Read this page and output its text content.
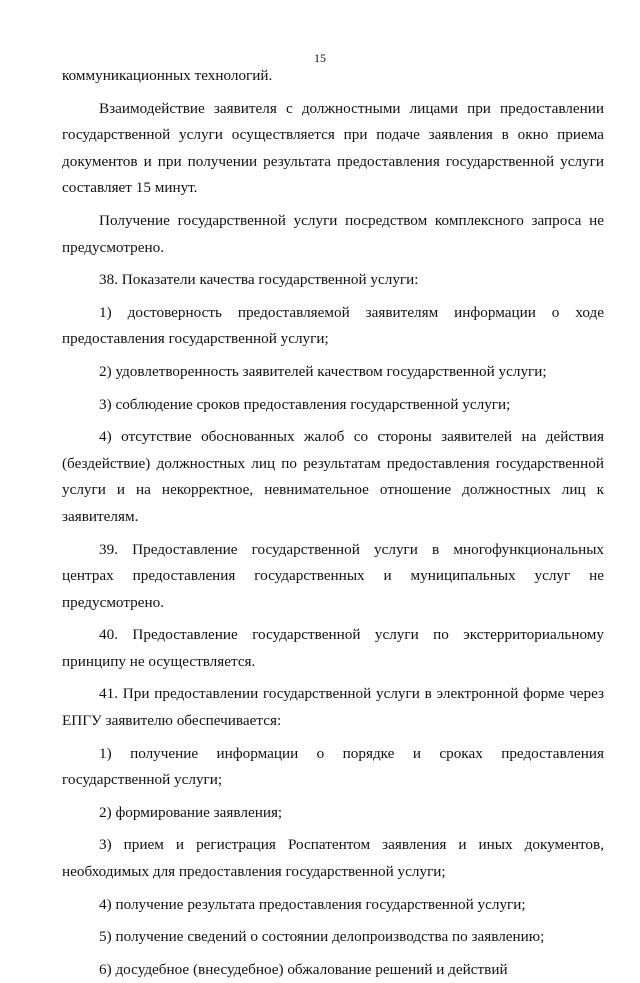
15

коммуникационных технологий.

Взаимодействие заявителя с должностными лицами при предоставлении государственной услуги осуществляется при подаче заявления в окно приема документов и при получении результата предоставления государственной услуги составляет 15 минут.

Получение государственной услуги посредством комплексного запроса не предусмотрено.

38. Показатели качества государственной услуги:

1) достоверность предоставляемой заявителям информации о ходе предоставления государственной услуги;

2) удовлетворенность заявителей качеством государственной услуги;

3) соблюдение сроков предоставления государственной услуги;

4) отсутствие обоснованных жалоб со стороны заявителей на действия (бездействие) должностных лиц по результатам предоставления государственной услуги и на некорректное, невнимательное отношение должностных лиц к заявителям.

39. Предоставление государственной услуги в многофункциональных центрах предоставления государственных и муниципальных услуг не предусмотрено.

40. Предоставление государственной услуги по экстерриториальному принципу не осуществляется.

41. При предоставлении государственной услуги в электронной форме через ЕПГУ заявителю обеспечивается:

1) получение информации о порядке и сроках предоставления государственной услуги;

2) формирование заявления;

3) прием и регистрация Роспатентом заявления и иных документов, необходимых для предоставления государственной услуги;

4) получение результата предоставления государственной услуги;

5) получение сведений о состоянии делопроизводства по заявлению;

6) досудебное (внесудебное) обжалование решений и действий
